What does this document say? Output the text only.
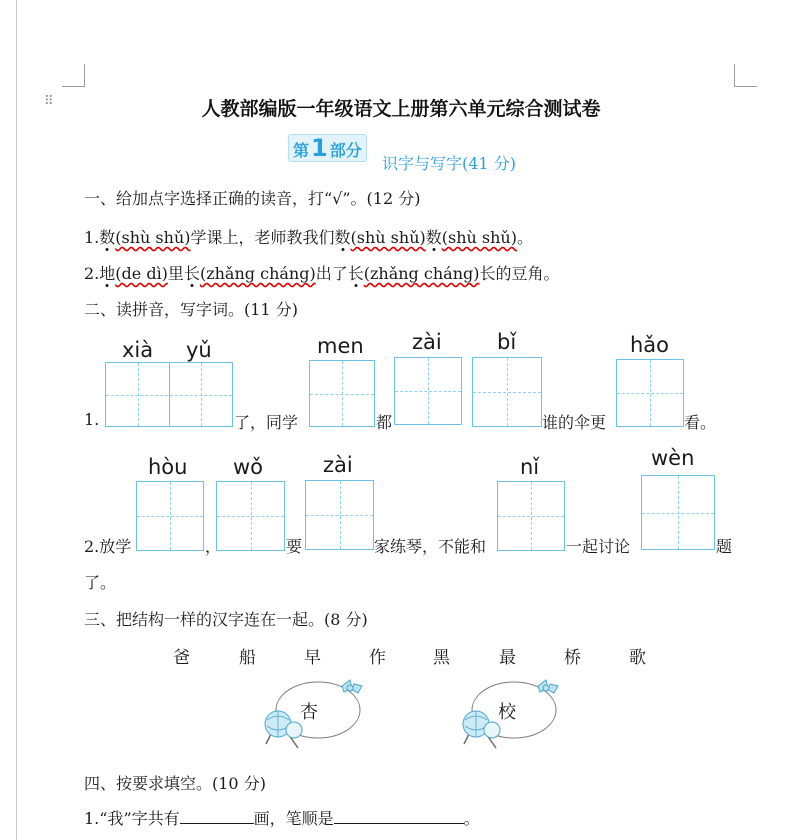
⠿	人教部编版一年级语文上册第六单元综合测试卷
第1 部分
识字与写字(41 分)
一、给加点字选择正确的读音，打“√”。(12 分)
1.数(shù shǔ)学课上，老师教我们数(shù shǔ)数(shù shǔ)。
2.地(de dì)里长(zhǎng cháng)出了长(zhǎng cháng)长的豆角。
二、读拼音，写字词。(11 分)
xià yǔ	men zài	bǐ	hǎo
1.	了，同学	都	谁的伞更	看。
hòu wǒ	zài	nǐ	wèn
2.放学	，	要	家练琴，不能和	一起讨论	题
了。
三、把结构一样的汉字连在一起。(8 分)
爸	船	早	作	黑	最	桥	歌
杏	校
四、按要求填空。(10 分)
1.“我”字共有	画，笔顺是	。
